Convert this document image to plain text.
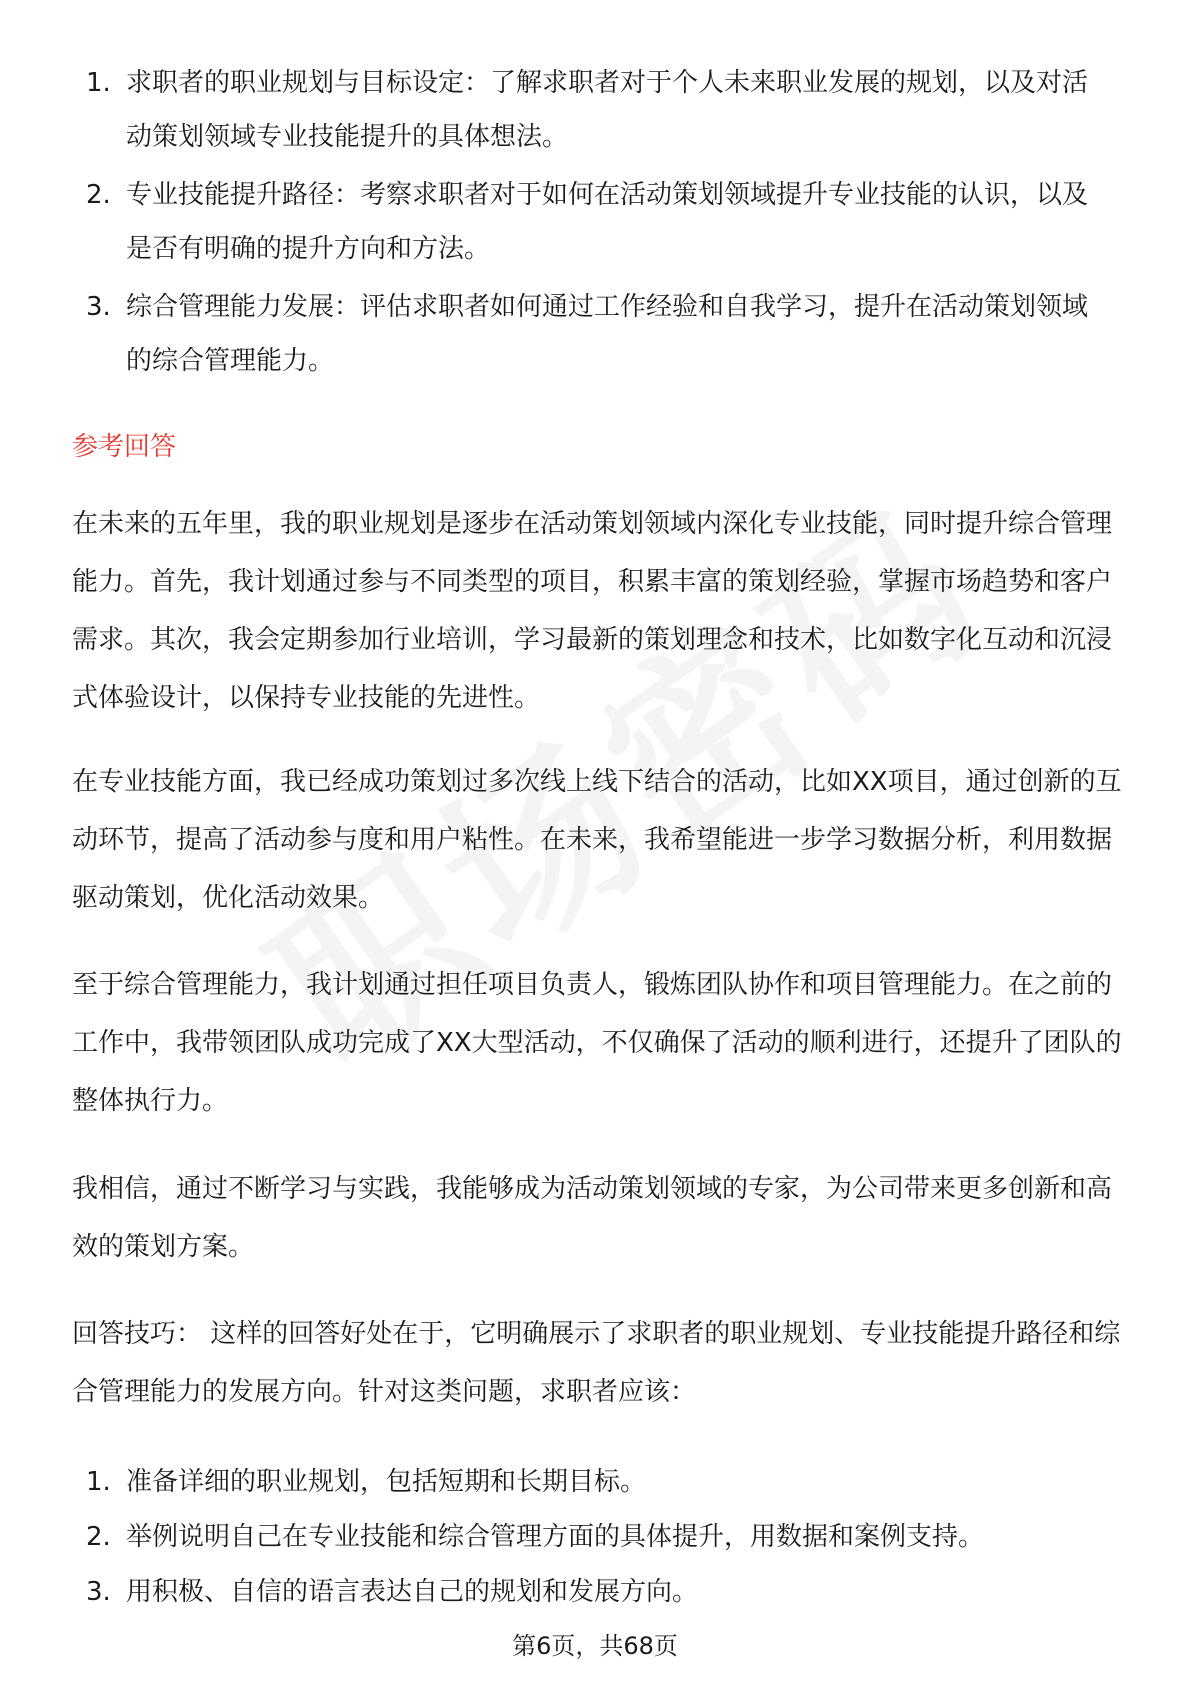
1. 求职者的职业规划与目标设定：了解求职者对于个人未来职业发展的规划，以及对活动策划领域专业技能提升的具体想法。
2. 专业技能提升路径：考察求职者对于如何在活动策划领域提升专业技能的认识，以及是否有明确的提升方向和方法。
3. 综合管理能力发展：评估求职者如何通过工作经验和自我学习，提升在活动策划领域的综合管理能力。
参考回答

在未来的五年里，我的职业规划是逐步在活动策划领域内深化专业技能，同时提升综合管理能力。首先，我计划通过参与不同类型的项目，积累丰富的策划经验，掌握市场趋势和客户需求。其次，我会定期参加行业培训，学习最新的策划理念和技术，比如数字化互动和沉浸式体验设计，以保持专业技能的先进性。

在专业技能方面，我已经成功策划过多次线上线下结合的活动，比如XX项目，通过创新的互动环节，提高了活动参与度和用户粘性。在未来，我希望能进一步学习数据分析，利用数据驱动策划，优化活动效果。

至于综合管理能力，我计划通过担任项目负责人，锻炼团队协作和项目管理能力。在之前的工作中，我带领团队成功完成了XX大型活动，不仅确保了活动的顺利进行，还提升了团队的整体执行力。

我相信，通过不断学习与实践，我能够成为活动策划领域的专家，为公司带来更多创新和高效的策划方案。

回答技巧： 这样的回答好处在于，它明确展示了求职者的职业规划、专业技能提升路径和综合管理能力的发展方向。针对这类问题，求职者应该：

1. 准备详细的职业规划，包括短期和长期目标。
2. 举例说明自己在专业技能和综合管理方面的具体提升，用数据和案例支持。
3. 用积极、自信的语言表达自己的规划和发展方向。
第6页，共68页
